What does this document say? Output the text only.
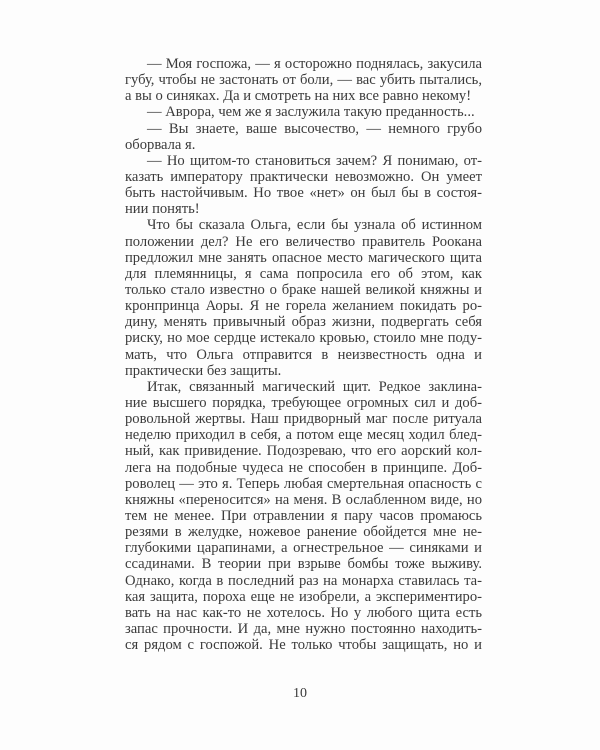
— Моя госпожа, — я осторожно поднялась, закусила
губу, чтобы не застонать от боли, — вас убить пытались,
а вы о синяках. Да и смотреть на них все равно некому!
— Аврора, чем же я заслужила такую преданность...
— Вы знаете, ваше высочество, — немного грубо
оборвала я.
— Но щитом-то становиться зачем? Я понимаю, от-
казать императору практически невозможно. Он умеет
быть настойчивым. Но твое «нет» он был бы в состоя-
нии понять!
Что бы сказала Ольга, если бы узнала об истинном
положении дел? Не его величество правитель Роокана
предложил мне занять опасное место магического щита
для племянницы, я сама попросила его об этом, как
только стало известно о браке нашей великой княжны и
кронпринца Аоры. Я не горела желанием покидать ро-
дину, менять привычный образ жизни, подвергать себя
риску, но мое сердце истекало кровью, стоило мне поду-
мать, что Ольга отправится в неизвестность одна и
практически без защиты.
Итак, связанный магический щит. Редкое заклина-
ние высшего порядка, требующее огромных сил и доб-
ровольной жертвы. Наш придворный маг после ритуала
неделю приходил в себя, а потом еще месяц ходил блед-
ный, как привидение. Подозреваю, что его аорский кол-
лега на подобные чудеса не способен в принципе. Доб-
роволец — это я. Теперь любая смертельная опасность с
княжны «переносится» на меня. В ослабленном виде, но
тем не менее. При отравлении я пару часов промаюсь
резями в желудке, ножевое ранение обойдется мне не-
глубокими царапинами, а огнестрельное — синяками и
ссадинами. В теории при взрыве бомбы тоже выживу.
Однако, когда в последний раз на монарха ставилась та-
кая защита, пороха еще не изобрели, а экспериментиро-
вать на нас как-то не хотелось. Но у любого щита есть
запас прочности. И да, мне нужно постоянно находить-
ся рядом с госпожой. Не только чтобы защищать, но и
10
